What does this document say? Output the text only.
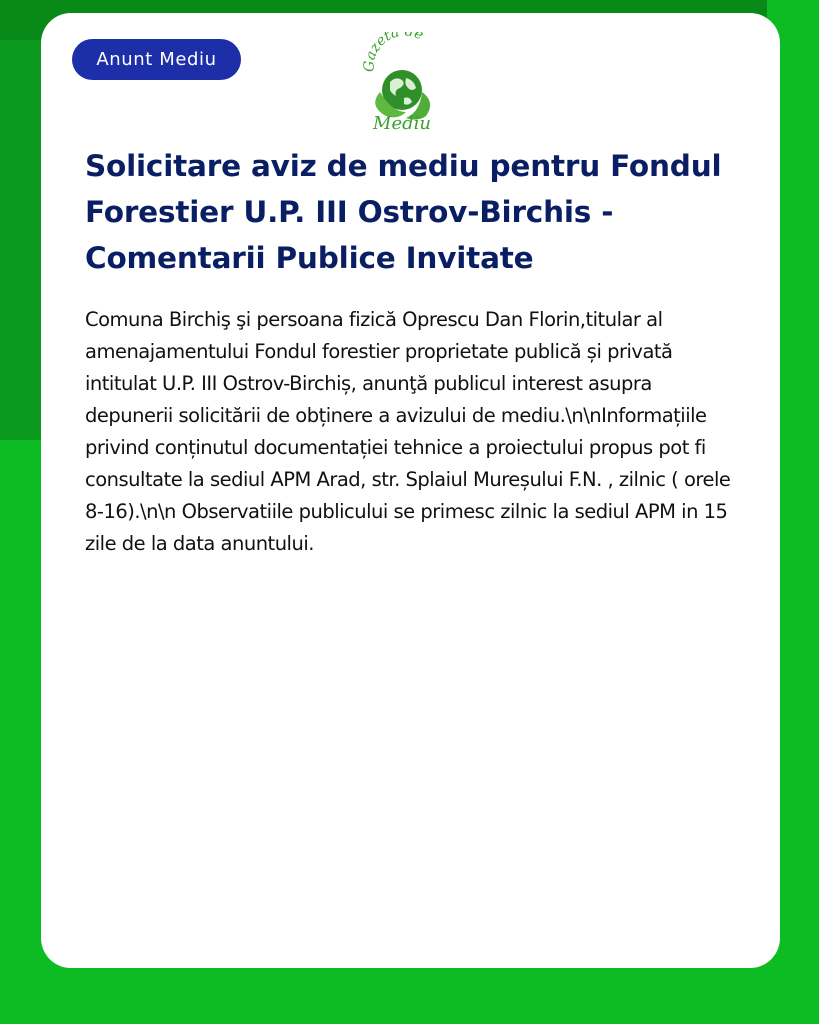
Anunt Mediu	Gazeta e
Mediu
Solicitare aviz de mediu pentru Fondul Forestier U.P. III Ostrov-Birchis - Comentarii Publice Invitate

Comuna Birchiş şi persoana fizică Oprescu Dan Florin,titular al amenajamentului Fondul forestier proprietate publică și privată intitulat U.P. III Ostrov-Birchiș, anunţă publicul interest asupra depunerii solicitării de obținere a avizului de mediu.\n\nInformațiile privind conținutul documentației tehnice a proiectului propus pot fi consultate la sediul APM Arad, str. Splaiul Mureșului F.N. , zilnic ( orele 8-16).\n\n Observatiile publicului se primesc zilnic la sediul APM in 15 zile de la data anuntului.
